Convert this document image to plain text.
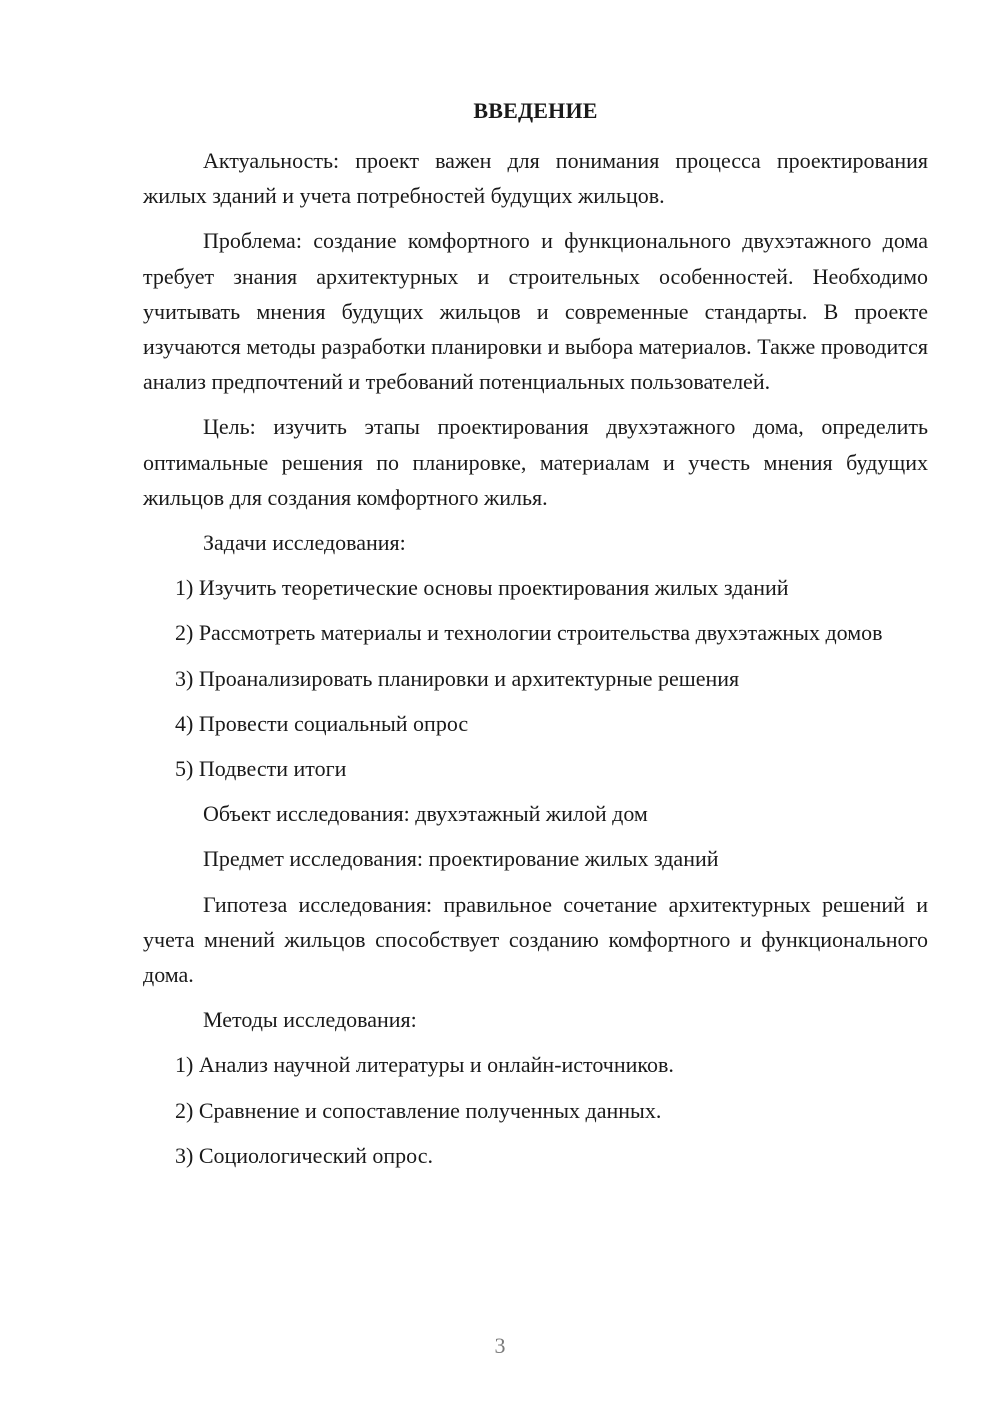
ВВЕДЕНИЕ

Актуальность: проект важен для понимания процесса проектирования жилых зданий и учета потребностей будущих жильцов.

Проблема: создание комфортного и функционального двухэтажного дома требует знания архитектурных и строительных особенностей. Необходимо учитывать мнения будущих жильцов и современные стандарты. В проекте изучаются методы разработки планировки и выбора материалов. Также проводится анализ предпочтений и требований потенциальных пользователей.

Цель: изучить этапы проектирования двухэтажного дома, определить оптимальные решения по планировке, материалам и учесть мнения будущих жильцов для создания комфортного жилья.

Задачи исследования:

1) Изучить теоретические основы проектирования жилых зданий

2) Рассмотреть материалы и технологии строительства двухэтажных домов

3) Проанализировать планировки и архитектурные решения

4) Провести социальный опрос

5) Подвести итоги

Объект исследования: двухэтажный жилой дом

Предмет исследования: проектирование жилых зданий

Гипотеза исследования: правильное сочетание архитектурных решений и учета мнений жильцов способствует созданию комфортного и функционального дома.

Методы исследования:

1) Анализ научной литературы и онлайн-источников.

2) Сравнение и сопоставление полученных данных.

3) Социологический опрос.

3
